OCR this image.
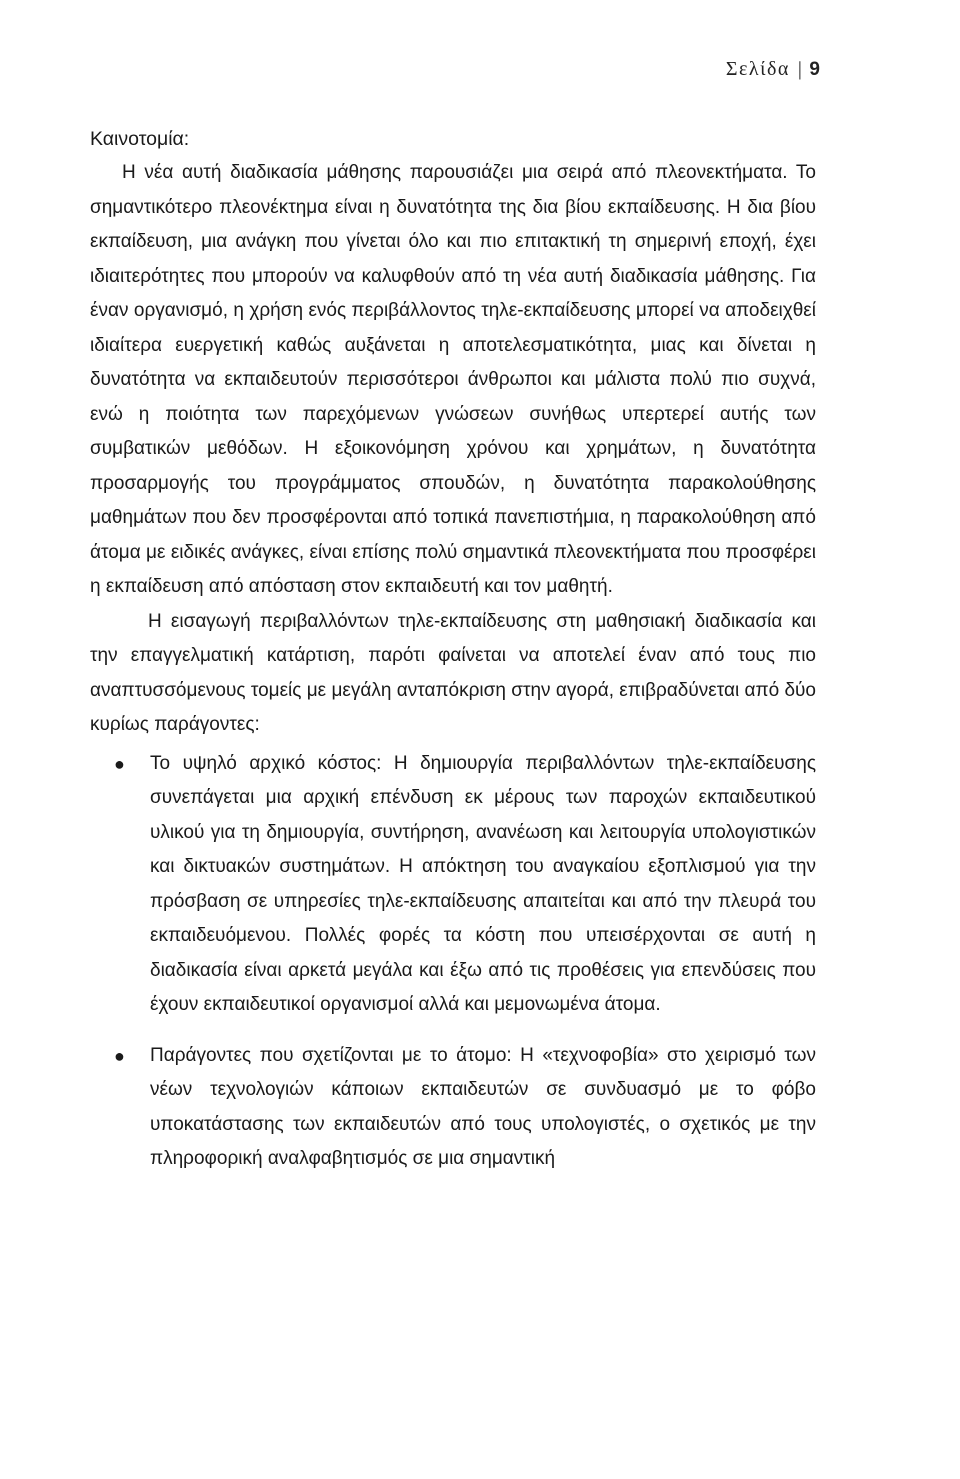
Σελίδα | 9
Καινοτομία:

Η νέα αυτή διαδικασία μάθησης παρουσιάζει μια σειρά από πλεονεκτήματα. Το σημαντικότερο πλεονέκτημα είναι η δυνατότητα της δια βίου εκπαίδευσης. Η δια βίου εκπαίδευση, μια ανάγκη που γίνεται όλο και πιο επιτακτική τη σημερινή εποχή, έχει ιδιαιτερότητες που μπορούν να καλυφθούν από τη νέα αυτή διαδικασία μάθησης. Για έναν οργανισμό, η χρήση ενός περιβάλλοντος τηλε-εκπαίδευσης μπορεί να αποδειχθεί ιδιαίτερα ευεργετική καθώς αυξάνεται η αποτελεσματικότητα, μιας και δίνεται η δυνατότητα να εκπαιδευτούν περισσότεροι άνθρωποι και μάλιστα πολύ πιο συχνά, ενώ η ποιότητα των παρεχόμενων γνώσεων συνήθως υπερτερεί αυτής των συμβατικών μεθόδων. Η εξοικονόμηση χρόνου και χρημάτων, η δυνατότητα προσαρμογής του προγράμματος σπουδών, η δυνατότητα παρακολούθησης μαθημάτων που δεν προσφέρονται από τοπικά πανεπιστήμια, η παρακολούθηση από άτομα με ειδικές ανάγκες, είναι επίσης πολύ σημαντικά πλεονεκτήματα που προσφέρει η εκπαίδευση από απόσταση στον εκπαιδευτή και τον μαθητή.

Η εισαγωγή περιβαλλόντων τηλε-εκπαίδευσης στη μαθησιακή διαδικασία και την επαγγελματική κατάρτιση, παρότι φαίνεται να αποτελεί έναν από τους πιο αναπτυσσόμενους τομείς με μεγάλη ανταπόκριση στην αγορά, επιβραδύνεται από δύο κυρίως παράγοντες:

● Το υψηλό αρχικό κόστος: Η δημιουργία περιβαλλόντων τηλε-εκπαίδευσης συνεπάγεται μια αρχική επένδυση εκ μέρους των παροχών εκπαιδευτικού υλικού για τη δημιουργία, συντήρηση, ανανέωση και λειτουργία υπολογιστικών και δικτυακών συστημάτων. Η απόκτηση του αναγκαίου εξοπλισμού για την πρόσβαση σε υπηρεσίες τηλε-εκπαίδευσης απαιτείται και από την πλευρά του εκπαιδευόμενου. Πολλές φορές τα κόστη που υπεισέρχονται σε αυτή η διαδικασία είναι αρκετά μεγάλα και έξω από τις προθέσεις για επενδύσεις που έχουν εκπαιδευτικοί οργανισμοί αλλά και μεμονωμένα άτομα.
● Παράγοντες που σχετίζονται με το άτομο: Η «τεχνοφοβία» στο χειρισμό των νέων τεχνολογιών κάποιων εκπαιδευτών σε συνδυασμό με το φόβο υποκατάστασης των εκπαιδευτών από τους υπολογιστές, ο σχετικός με την πληροφορική αναλφαβητισμός σε μια σημαντική
